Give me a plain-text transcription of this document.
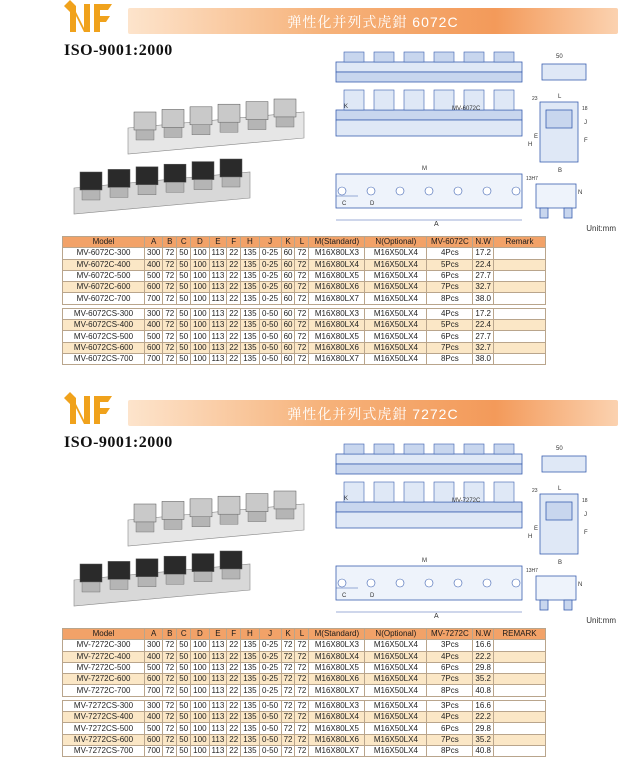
弹性化并列式虎鉗 6072C
ISO-9001:2000
A
C	D
K	MV-6072C
M
13H7
50
H
E
L
J
B
F
N
23
18
Unit:mm
Model	A	B	C	D	E	F	H	J	K	L	M(Standard)	N(Optional)	MV-6072C	N.W	Remark
MV-6072C-300	300	72	50	100	113	22	135	0-25	60	72	M16X80LX3	M16X50LX4	4Pcs	17.2	
MV-6072C-400	400	72	50	100	113	22	135	0-25	60	72	M16X80LX4	M16X50LX4	5Pcs	22.4	
MV-6072C-500	500	72	50	100	113	22	135	0-25	60	72	M16X80LX5	M16X50LX4	6Pcs	27.7	
MV-6072C-600	600	72	50	100	113	22	135	0-25	60	72	M16X80LX6	M16X50LX4	7Pcs	32.7	
MV-6072C-700	700	72	50	100	113	22	135	0-25	60	72	M16X80LX7	M16X50LX4	8Pcs	38.0	

MV-6072CS-300	300	72	50	100	113	22	135	0-50	60	72	M16X80LX3	M16X50LX4	4Pcs	17.2	
MV-6072CS-400	400	72	50	100	113	22	135	0-50	60	72	M16X80LX4	M16X50LX4	5Pcs	22.4	
MV-6072CS-500	500	72	50	100	113	22	135	0-50	60	72	M16X80LX5	M16X50LX4	6Pcs	27.7	
MV-6072CS-600	600	72	50	100	113	22	135	0-50	60	72	M16X80LX6	M16X50LX4	7Pcs	32.7	
MV-6072CS-700	700	72	50	100	113	22	135	0-50	60	72	M16X80LX7	M16X50LX4	8Pcs	38.0	
弹性化并列式虎鉗 7272C
ISO-9001:2000
A
C	D
K	MV-7272C
M
13H7
50
H
E
L
J
B
F
N
23
18
Unit:mm
Model	A	B	C	D	E	F	H	J	K	L	M(Standard)	N(Optional)	MV-7272C	N.W	REMARK
MV-7272C-300	300	72	50	100	113	22	135	0-25	72	72	M16X80LX3	M16X50LX4	3Pcs	16.6	
MV-7272C-400	400	72	50	100	113	22	135	0-25	72	72	M16X80LX4	M16X50LX4	4Pcs	22.2	
MV-7272C-500	500	72	50	100	113	22	135	0-25	72	72	M16X80LX5	M16X50LX4	6Pcs	29.8	
MV-7272C-600	600	72	50	100	113	22	135	0-25	72	72	M16X80LX6	M16X50LX4	7Pcs	35.2	
MV-7272C-700	700	72	50	100	113	22	135	0-25	72	72	M16X80LX7	M16X50LX4	8Pcs	40.8	

MV-7272CS-300	300	72	50	100	113	22	135	0-50	72	72	M16X80LX3	M16X50LX4	3Pcs	16.6	
MV-7272CS-400	400	72	50	100	113	22	135	0-50	72	72	M16X80LX4	M16X50LX4	4Pcs	22.2	
MV-7272CS-500	500	72	50	100	113	22	135	0-50	72	72	M16X80LX5	M16X50LX4	6Pcs	29.8	
MV-7272CS-600	600	72	50	100	113	22	135	0-50	72	72	M16X80LX6	M16X50LX4	7Pcs	35.2	
MV-7272CS-700	700	72	50	100	113	22	135	0-50	72	72	M16X80LX7	M16X50LX4	8Pcs	40.8	
